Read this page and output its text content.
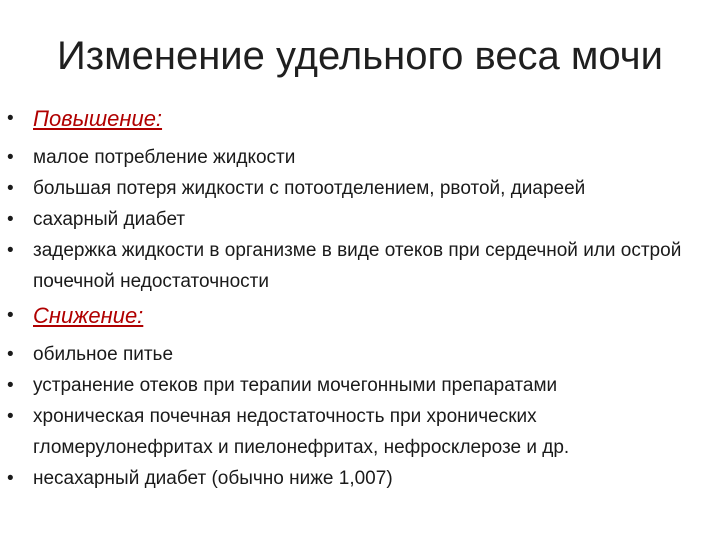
Изменение удельного веса мочи
• Повышение:
• малое потребление жидкости
• большая потеря жидкости с потоотделением, рвотой, диареей
• сахарный диабет
• задержка жидкости в организме в виде отеков при сердечной или острой почечной недостаточности
• Снижение:
• обильное питье
• устранение отеков при терапии мочегонными препаратами
• хроническая почечная недостаточность при хронических гломерулонефритах и пиелонефритах, нефросклерозе и др.
• несахарный диабет (обычно ниже 1,007)
